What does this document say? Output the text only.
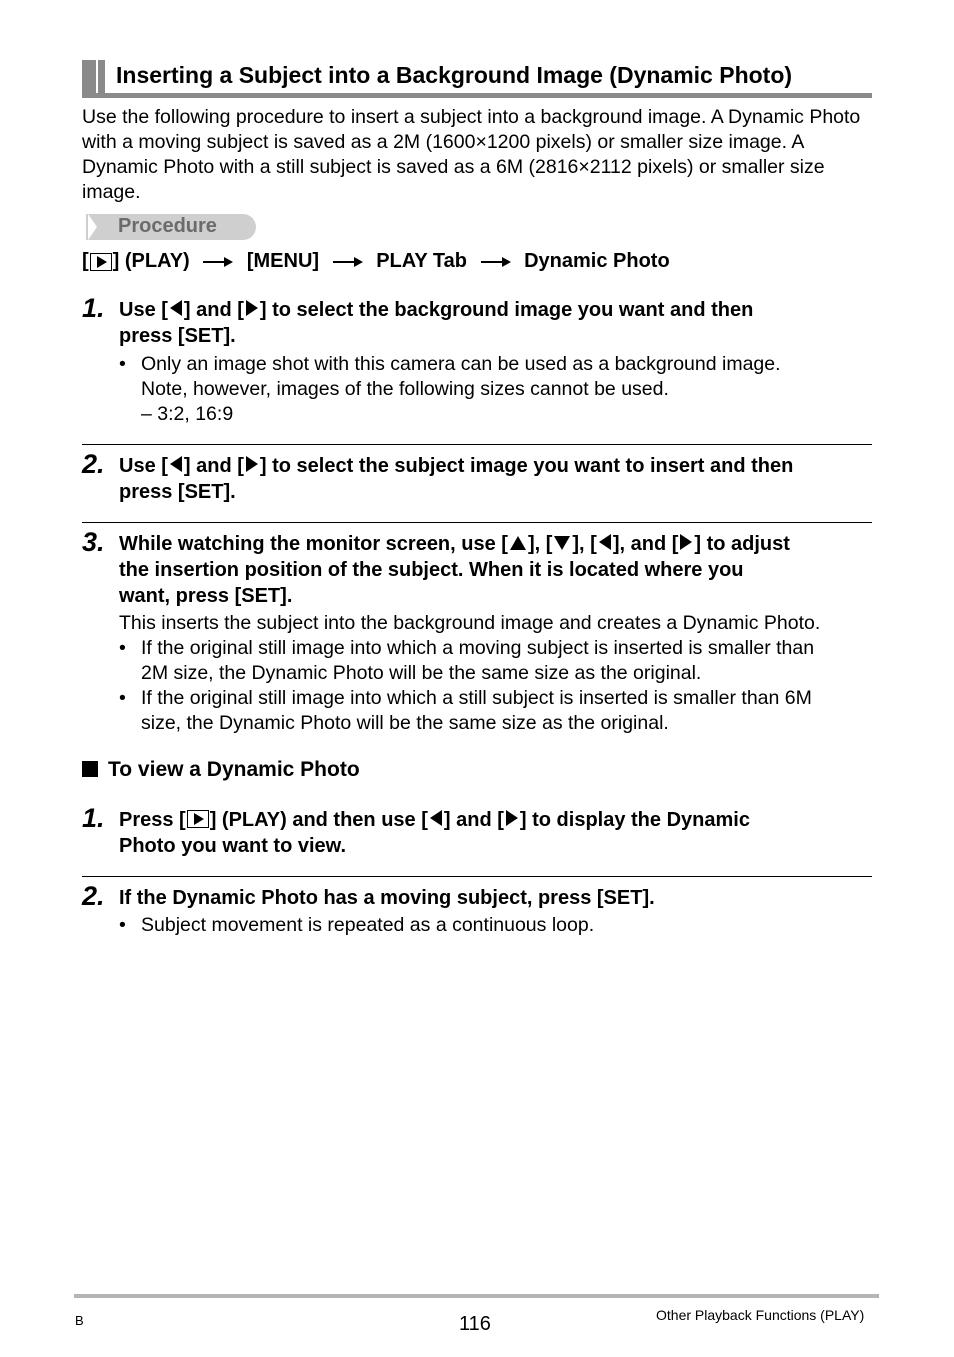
Inserting a Subject into a Background Image (Dynamic Photo)
Use the following procedure to insert a subject into a background image. A Dynamic Photo with a moving subject is saved as a 2M (1600×1200 pixels) or smaller size image. A Dynamic Photo with a still subject is saved as a 6M (2816×2112 pixels) or smaller size image.
Procedure
[ ] (PLAY)	[MENU]	PLAY Tab	Dynamic Photo
1. Use [ ] and [ ] to select the background image you want and then
press [SET].
• Only an image shot with this camera can be used as a background image.
Note, however, images of the following sizes cannot be used.
– 3:2, 16:9
2. Use [ ] and [ ] to select the subject image you want to insert and then
press [SET].
3. While watching the monitor screen, use [ ], [ ], [ ], and [ ] to adjust
the insertion position of the subject. When it is located where you
want, press [SET].
This inserts the subject into the background image and creates a Dynamic Photo.
• If the original still image into which a moving subject is inserted is smaller than
2M size, the Dynamic Photo will be the same size as the original.
• If the original still image into which a still subject is inserted is smaller than 6M
size, the Dynamic Photo will be the same size as the original.
To view a Dynamic Photo
1. Press [ ] (PLAY) and then use [ ] and [ ] to display the Dynamic
Photo you want to view.
2. If the Dynamic Photo has a moving subject, press [SET].
• Subject movement is repeated as a continuous loop.
B	116	Other Playback Functions (PLAY)
